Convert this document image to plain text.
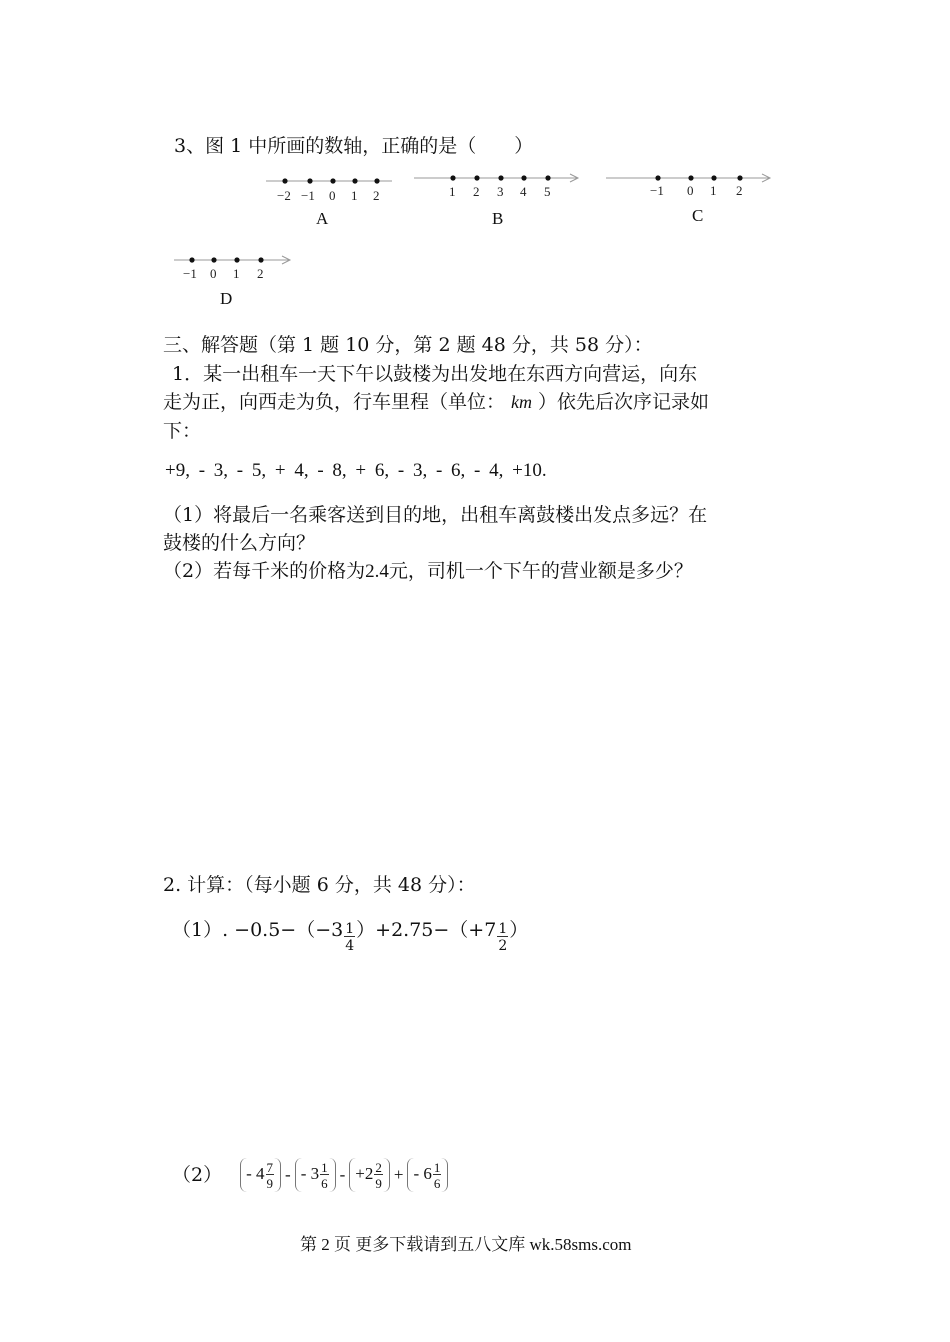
3、图 1 中所画的数轴，正确的是（　　）
−2 −1 0 1 2
A
1 2 3 4 5
B
−1 0 1 2
C
−1 0 1 2
D
三、解答题（第 1 题 10 分，第 2 题 48 分，共 58 分）：
1．某一出租车一天下午以鼓楼为出发地在东西方向营运，向东
走为正，向西走为负，行车里程（单位： km ）依先后次序记录如
下：
+9, - 3, - 5, + 4, - 8, + 6, - 3, - 6, - 4, +10.
（1）将最后一名乘客送到目的地，出租车离鼓楼出发点多远？在
鼓楼的什么方向？
（2）若每千米的价格为2.4元，司机一个下午的营业额是多少？
2. 计算：（每小题 6 分，共 48 分）：
（1）. $-0.5-(-3 \frac{1}{4} )+2.75-(+7 \frac{1}{2}$ ）
（2）	- $4 \frac{7}{9}$ - - $3 \frac{1}{6} - +2 \frac{2}{9}$ + - $6 \frac{1}{6}$
第 2 页 更多下载请到五八文库 wk.58sms.com
